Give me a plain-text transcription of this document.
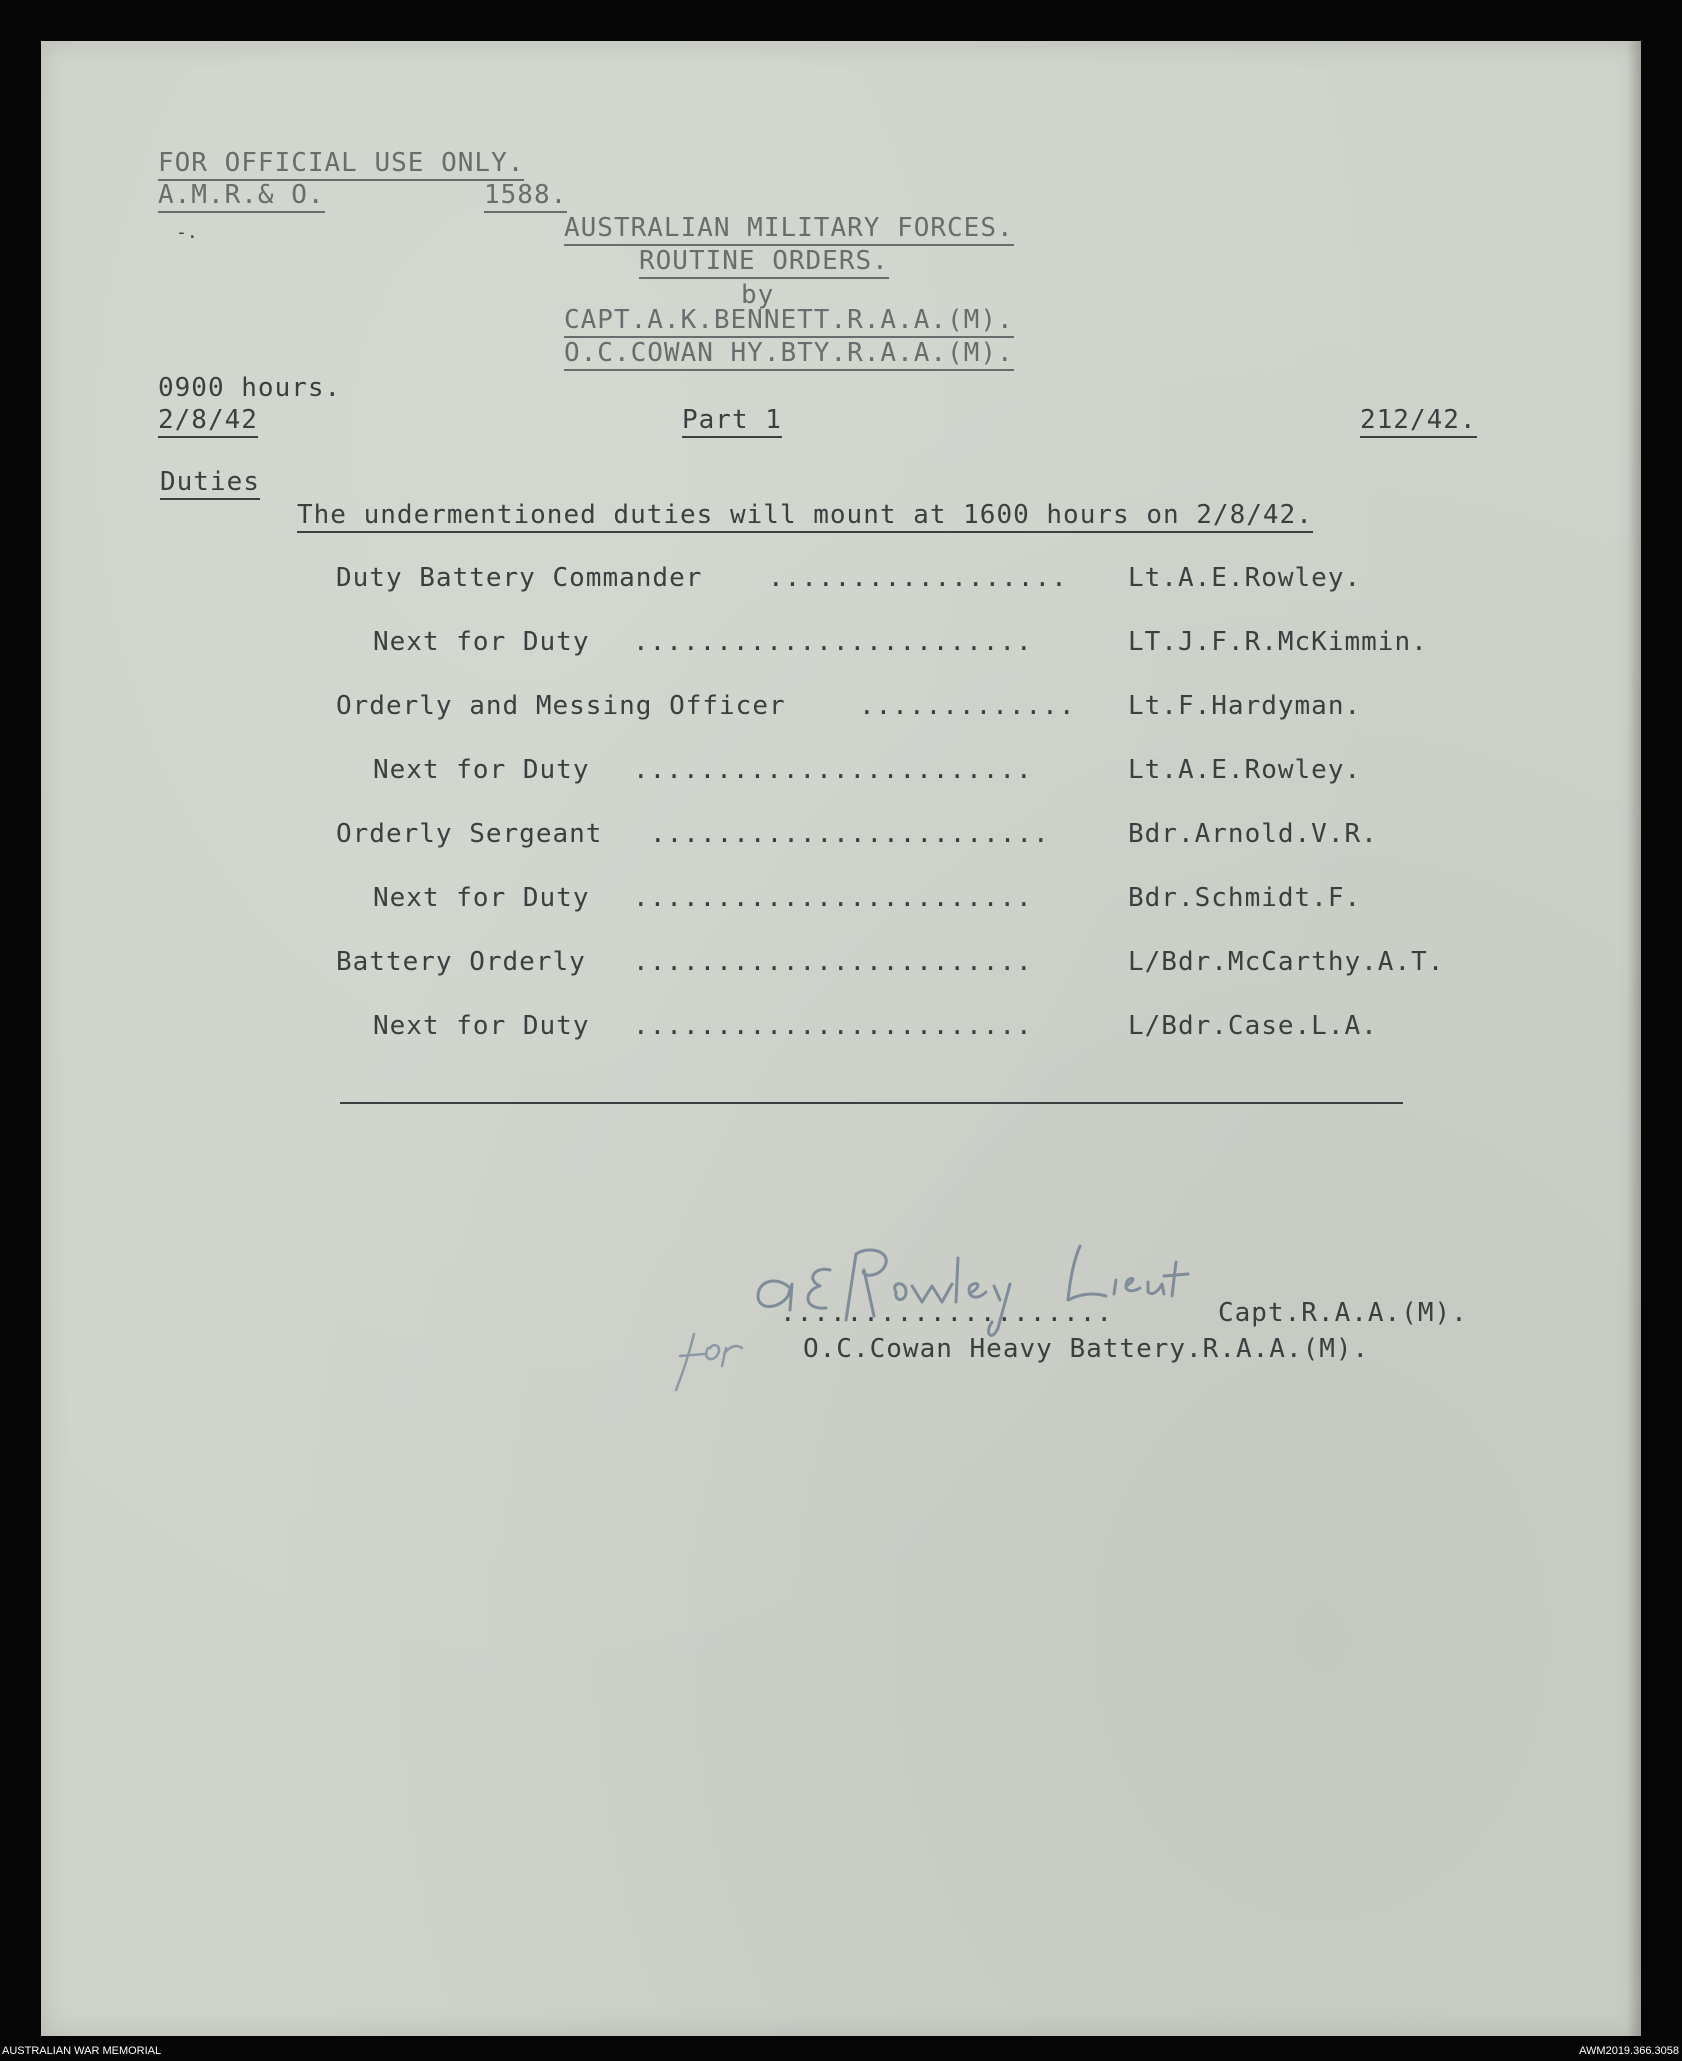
FOR OFFICIAL USE ONLY.
A.M.R.& O.	1588.
-.	AUSTRALIAN MILITARY FORCES.
ROUTINE ORDERS.
by
CAPT.A.K.BENNETT.R.A.A.(M).
O.C.COWAN HY.BTY.R.A.A.(M).
0900 hours.
2/8/42	Part 1	212/42.
Duties
The undermentioned duties will mount at 1600 hours on 2/8/42.
Duty Battery Commander	.................. Lt.A.E.Rowley.
Next for Duty ........................	LT.J.F.R.McKimmin.
Orderly and Messing Officer	............. Lt.F.Hardyman.
Next for Duty ........................	Lt.A.E.Rowley.
Orderly Sergeant ........................	Bdr.Arnold.V.R.
Next for Duty ........................	Bdr.Schmidt.F.
Battery Orderly ........................	L/Bdr.McCarthy.A.T.
Next for Duty ........................	L/Bdr.Case.L.A.
....................	Capt.R.A.A.(M).
O.C.Cowan Heavy Battery.R.A.A.(M).
AUSTRALIAN WAR MEMORIAL	AWM2019.366.3058
